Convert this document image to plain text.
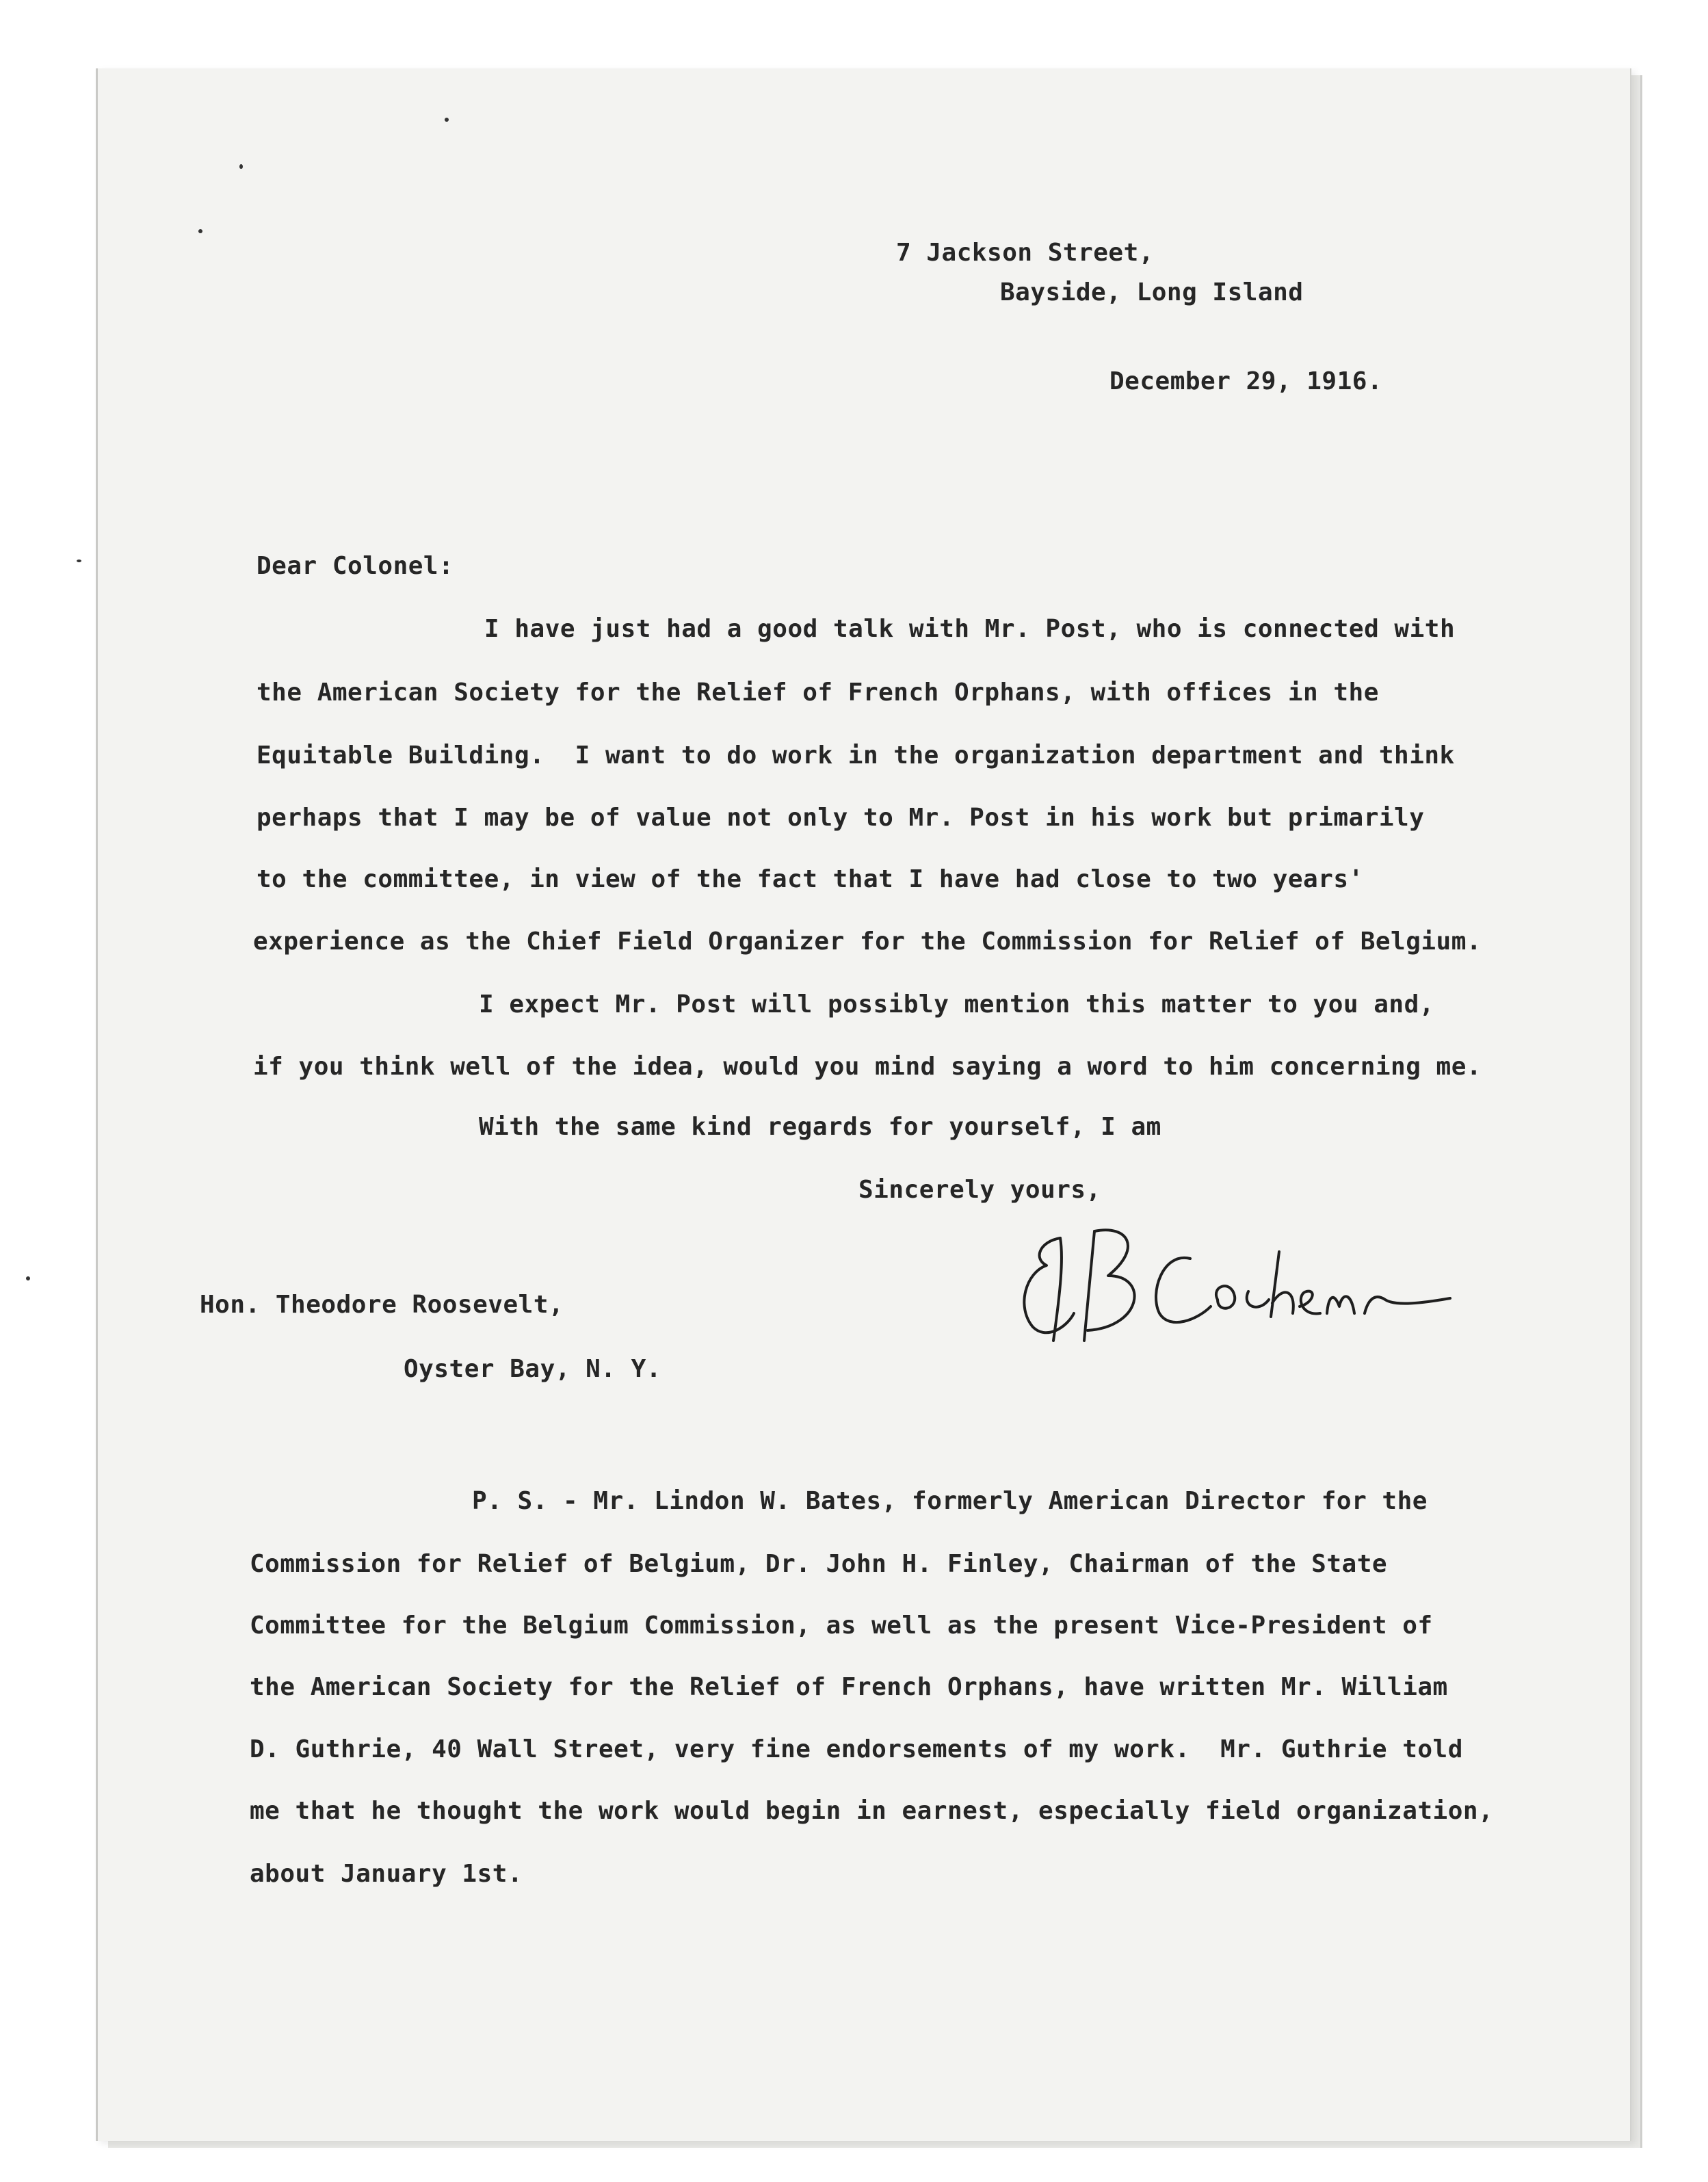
7 Jackson Street,
Bayside, Long Island
December 29, 1916.
Dear Colonel:
I have just had a good talk with Mr. Post, who is connected with
the American Society for the Relief of French Orphans, with offices in the
Equitable Building.  I want to do work in the organization department and think
perhaps that I may be of value not only to Mr. Post in his work but primarily
to the committee, in view of the fact that I have had close to two years'
experience as the Chief Field Organizer for the Commission for Relief of Belgium.
I expect Mr. Post will possibly mention this matter to you and,
if you think well of the idea, would you mind saying a word to him concerning me.
With the same kind regards for yourself, I am
Sincerely yours,
Hon. Theodore Roosevelt,
Oyster Bay, N. Y.
P. S. - Mr. Lindon W. Bates, formerly American Director for the
Commission for Relief of Belgium, Dr. John H. Finley, Chairman of the State
Committee for the Belgium Commission, as well as the present Vice-President of
the American Society for the Relief of French Orphans, have written Mr. William
D. Guthrie, 40 Wall Street, very fine endorsements of my work.  Mr. Guthrie told
me that he thought the work would begin in earnest, especially field organization,
about January 1st.
